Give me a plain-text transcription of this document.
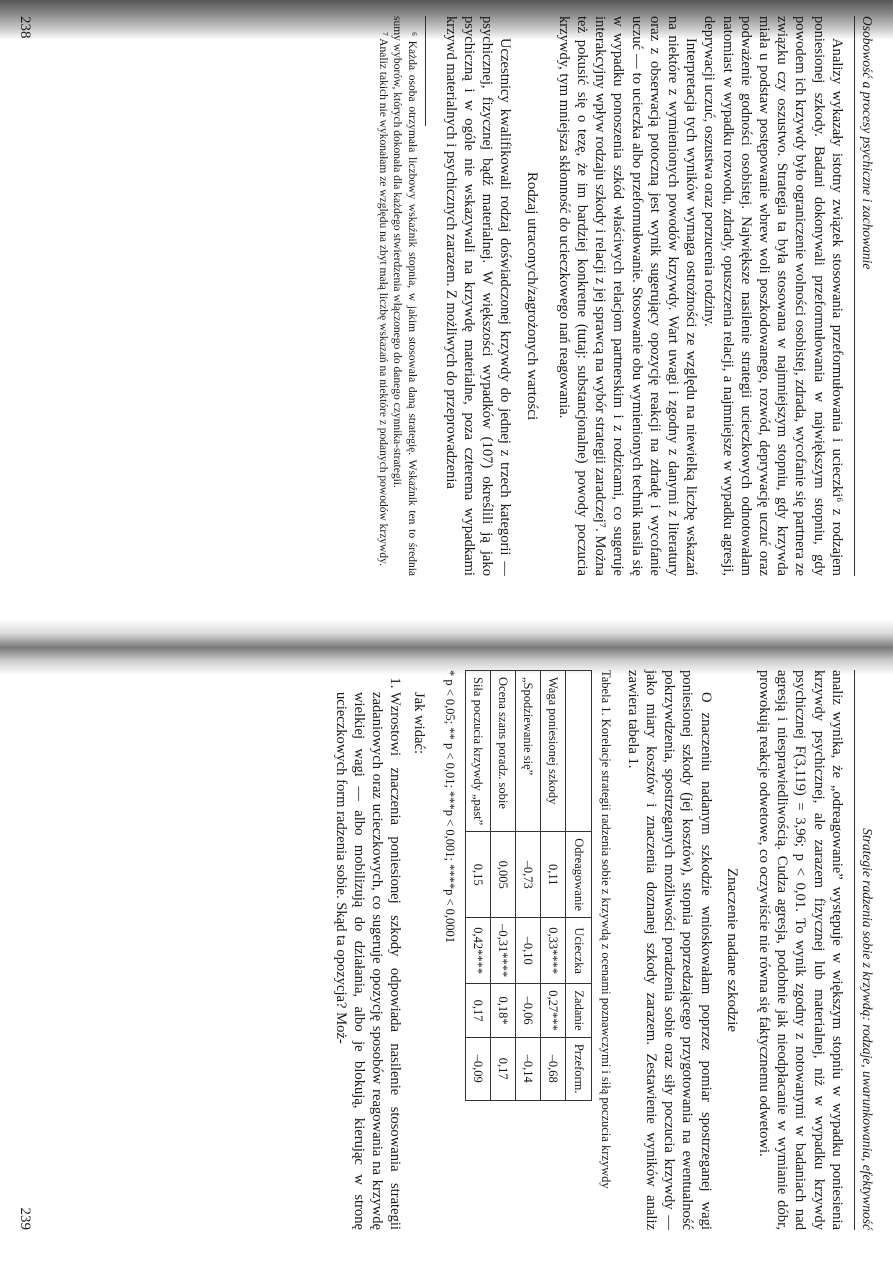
Osobowość a procesy psychiczne i zachowanie

Analizy wykazały istotny związek stosowania przeformułowania i ucieczki⁶ z rodzajem poniesionej szkody. Badani dokonywali przeformułowania w największym stopniu, gdy powodem ich krzywdy było ograniczenie wolności osobistej, zdrada, wycofanie się partnera ze związku czy oszustwo. Strategia ta była stosowana w najmniejszym stopniu, gdy krzywda miała u podstaw postępowanie wbrew woli poszkodowanego, rozwód, deprywację uczuć oraz podważenie godności osobistej. Największe nasilenie strategii ucieczkowych odnotowałam natomiast w wypadku rozwodu, zdrady, opuszczenia relacji, a najmniejsze w wypadku agresji, deprywacji uczuć, oszustwa oraz porzucenia rodziny.

Interpretacja tych wyników wymaga ostrożności ze względu na niewielką liczbę wskazań na niektóre z wymienionych powodów krzywdy. Wart uwagi i zgodny z danymi z literatury oraz z obserwacją potoczną jest wynik sugerujący opozycję reakcji na zdradę i wycofanie uczuć — to ucieczka albo przeformułowanie. Stosowanie obu wymienionych technik nasila się w wypadku ponoszenia szkód właściwych relacjom partnerskim i z rodzicami, co sugeruje interakcyjny wpływ rodzaju szkody i relacji z jej sprawcą na wybór strategii zaradczej⁷. Można też pokusić się o tezę, że im bardziej konkretne (tutaj: substancjonalne) powody poczucia krzywdy, tym mniejsza skłonność do ucieczkowego nań reagowania.

Rodzaj utraconych/zagrożonych wartości

Uczestnicy kwalifikowali rodzaj doświadczonej krzywdy do jednej z trzech kategorii — psychicznej, fizycznej bądź materialnej. W większości wypadków (107) określili ją jako psychiczną i w ogóle nie wskazywali na krzywdę materialne, poza czterema wypadkami krzywd materialnych i psychicznych zarazem. Z możliwych do przeprowadzenia

⁶ Każda osoba otrzymała liczbowy wskaźnik stopnia, w jakim stosowała daną strategię. Wskaźnik ten to średnia sumy wyborów, których dokonała dla każdego stwierdzenia włączonego do danego czynnika-strategii.

⁷ Analiz takich nie wykonałam ze względu na zbyt małą liczbę wskazań na niektóre z podanych powodów krzywdy.

238
Strategie radzenia sobie z krzywdą: rodzaje, uwarunkowania, efektywność

analiz wynika, że „odreagowanie” występuje w większym stopniu w wypadku poniesienia krzywdy psychicznej, ale zarazem fizycznej lub materialnej, niż w wypadku krzywdy psychicznej F(3,119) = 3,96; p < 0,01. To wynik zgodny z notowanymi w badaniach nad agresją i niesprawiedliwością. Cudza agresja, podobnie jak nieodpłacanie w wymianie dóbr, prowokują reakcje odwetowe, co oczywiście nie równa się faktycznemu odwetowi.

Znaczenie nadane szkodzie

O znaczeniu nadanym szkodzie wnioskowałam poprzez pomiar spostrzeganej wagi poniesionej szkody (jej kosztów), stopnia poprzedzającego przygotowania na ewentualność pokrzywdzenia, spostrzeganych możliwości poradzenia sobie oraz siły poczucia krzywdy — jako miary kosztów i znaczenia doznanej szkody zarazem. Zestawienie wyników analiz zawiera tabela 1.

Tabela 1. Korelacje strategii radzenia sobie z krzywdą z ocenami poznawczymi i siłą poczucia krzywdy
	Odreagowanie	Ucieczka	Zadanie	Przeform.
Waga poniesionej szkody	0,11	0,33****	0,27***	–0,68
„Spodziewanie się”	–0,73	–0,10	–0,06	–0,14
Ocena szans poradz. sobie	0,005	–0,31****	0,18*	0,17
Siła poczucia krzywdy „past”	0,15	0,42****	0,17	–0,09
* p < 0,05; ** p < 0,01; ***p < 0,001; ****p < 0,0001

Jak widać:

1. Wzrostowi znaczenia poniesionej szkody odpowiada nasilenie stosowania strategii zadaniowych oraz ucieczkowych, co sugeruje opozycję sposobów reagowania na krzywdę wielkiej wagi — albo mobilizują do działania, albo je blokują, kierując w stronę ucieczkowych form radzenia sobie. Skąd ta opozycja? Moż-
239
